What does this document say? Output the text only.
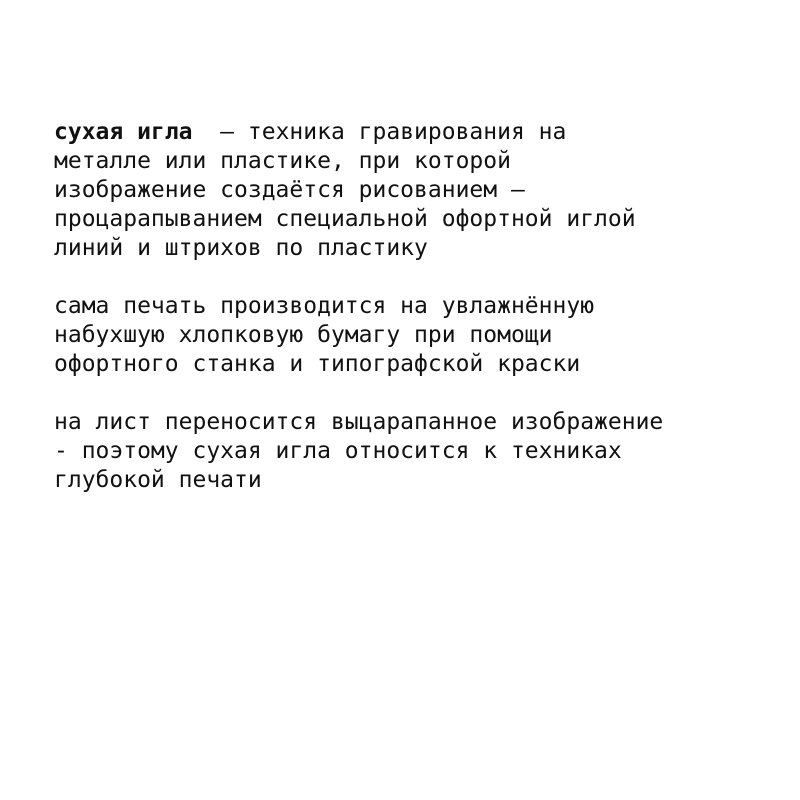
сухая игла  — техника гравирования на
металле или пластике, при которой
изображение создаётся рисованием —
процарапыванием специальной офортной иглой
линий и штрихов по пластику

сама печать производится на увлажнённую
набухшую хлопковую бумагу при помощи
офортного станка и типографской краски

на лист переносится выцарапанное изображение
- поэтому сухая игла относится к техниках
глубокой печати
